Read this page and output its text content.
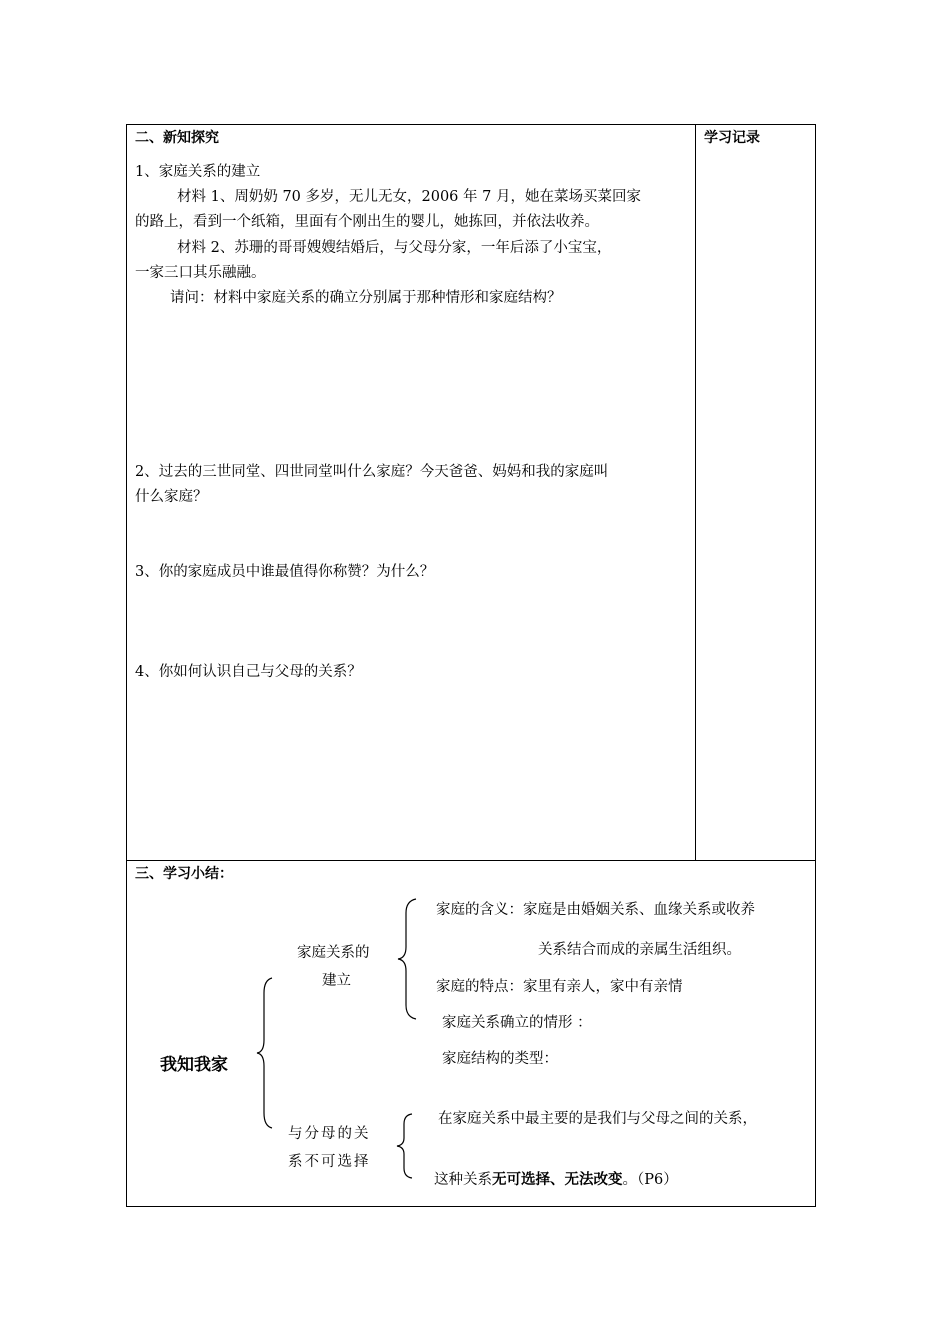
二、新知探究	学习记录
1、家庭关系的建立
材料 1、周奶奶 70 多岁，无儿无女，2006 年 7 月，她在菜场买菜回家
的路上，看到一个纸箱，里面有个刚出生的婴儿，她拣回，并依法收养。
材料 2、苏珊的哥哥嫂嫂结婚后，与父母分家，一年后添了小宝宝，
一家三口其乐融融。
请问：材料中家庭关系的确立分别属于那种情形和家庭结构？
2、过去的三世同堂、四世同堂叫什么家庭？今天爸爸、妈妈和我的家庭叫
什么家庭？
3、你的家庭成员中谁最值得你称赞？为什么？
4、你如何认识自己与父母的关系？
三、学习小结：
我知我家
家庭关系的
建立
家庭的含义：家庭是由婚姻关系、血缘关系或收养
关系结合而成的亲属生活组织。
家庭的特点：家里有亲人，家中有亲情
家庭关系确立的情形 ：
家庭结构的类型：
与分母的关
系不可选择
在家庭关系中最主要的是我们与父母之间的关系，
这种关系无可选择、无法改变。（P6）
